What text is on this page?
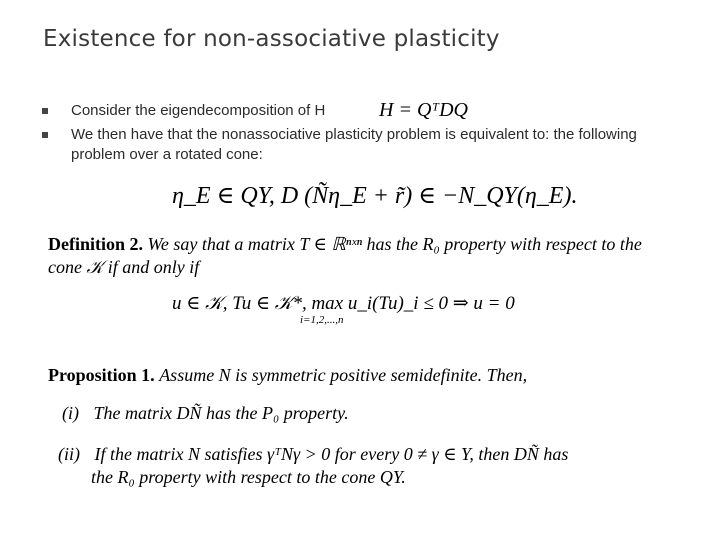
Existence for non-associative plasticity
Consider the eigendecomposition of H
We then have that the nonassociative plasticity problem is equivalent to: the following problem over a rotated cone:
H = QᵀDQ
η_E ∈ QΥ, D (Ñη_E + r̃) ∈ −N_QΥ(η_E).
Definition 2. We say that a matrix T ∈ ℝⁿˣⁿ has the R₀ property with respect to the cone 𝒦 if and only if
u ∈ 𝒦, Tu ∈ 𝒦*, max u_i(Tu)_i ≤ 0 ⇒ u = 0
i=1,2,...,n
Proposition 1. Assume N is symmetric positive semidefinite. Then,
(i) The matrix DÑ has the P₀ property.
(ii) If the matrix N satisfies γᵀNγ > 0 for every 0 ≠ γ ∈ Υ, then DÑ has
the R₀ property with respect to the cone QΥ.
